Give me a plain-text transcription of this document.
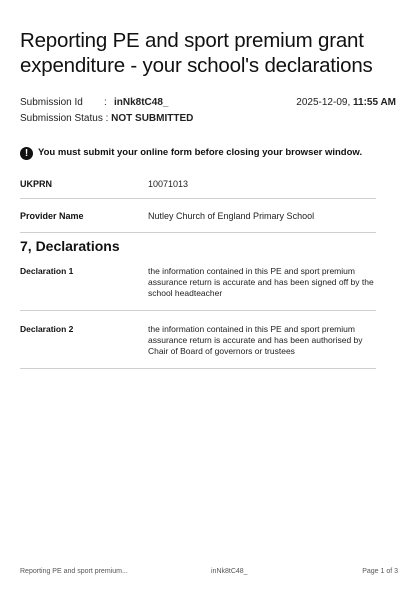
Reporting PE and sport premium grant expenditure - your school's declarations
Submission Id : inNk8tC48_	2025-12-09, 11:55 AM
Submission Status : NOT SUBMITTED
!	You must submit your online form before closing your browser window.
UKPRN	10071013
Provider Name	Nutley Church of England Primary School
7, Declarations
Declaration 1	the information contained in this PE and sport premium assurance return is accurate and has been signed off by the school headteacher
Declaration 2	the information contained in this PE and sport premium assurance return is accurate and has been authorised by Chair of Board of governors or trustees
Reporting PE and sport premium...	inNk8tC48_	Page 1 of 3
